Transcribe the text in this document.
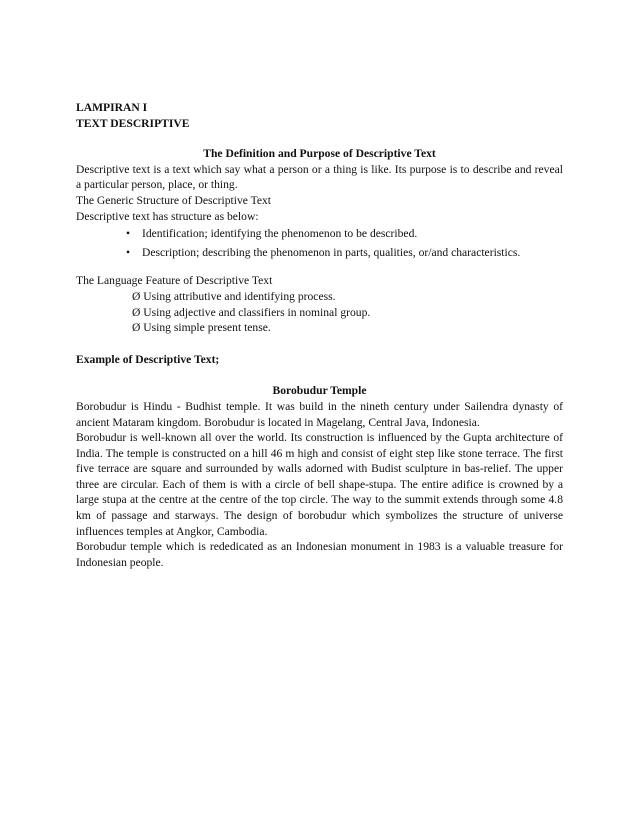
LAMPIRAN I

TEXT DESCRIPTIVE

The Definition and Purpose of Descriptive Text

Descriptive text is a text which say what a person or a thing is like. Its purpose is to describe and reveal a particular person, place, or thing.

The Generic Structure of Descriptive Text

Descriptive text has structure as below:

• Identification; identifying the phenomenon to be described.
• Description; describing the phenomenon in parts, qualities, or/and characteristics.

The Language Feature of Descriptive Text

Ø Using attributive and identifying process.
Ø Using adjective and classifiers in nominal group.
Ø Using simple present tense.

Example of Descriptive Text;

Borobudur Temple

Borobudur is Hindu - Budhist temple. It was build in the nineth century under Sailendra dynasty of ancient Mataram kingdom. Borobudur is located in Magelang, Central Java, Indonesia.

Borobudur is well-known all over the world. Its construction is influenced by the Gupta architecture of India. The temple is constructed on a hill 46 m high and consist of eight step like stone terrace. The first five terrace are square and surrounded by walls adorned with Budist sculpture in bas-relief. The upper three are circular. Each of them is with a circle of bell shape-stupa. The entire adifice is crowned by a large stupa at the centre at the centre of the top circle. The way to the summit extends through some 4.8 km of passage and starways. The design of borobudur which symbolizes the structure of universe influences temples at Angkor, Cambodia.

Borobudur temple which is rededicated as an Indonesian monument in 1983 is a valuable treasure for Indonesian people.
